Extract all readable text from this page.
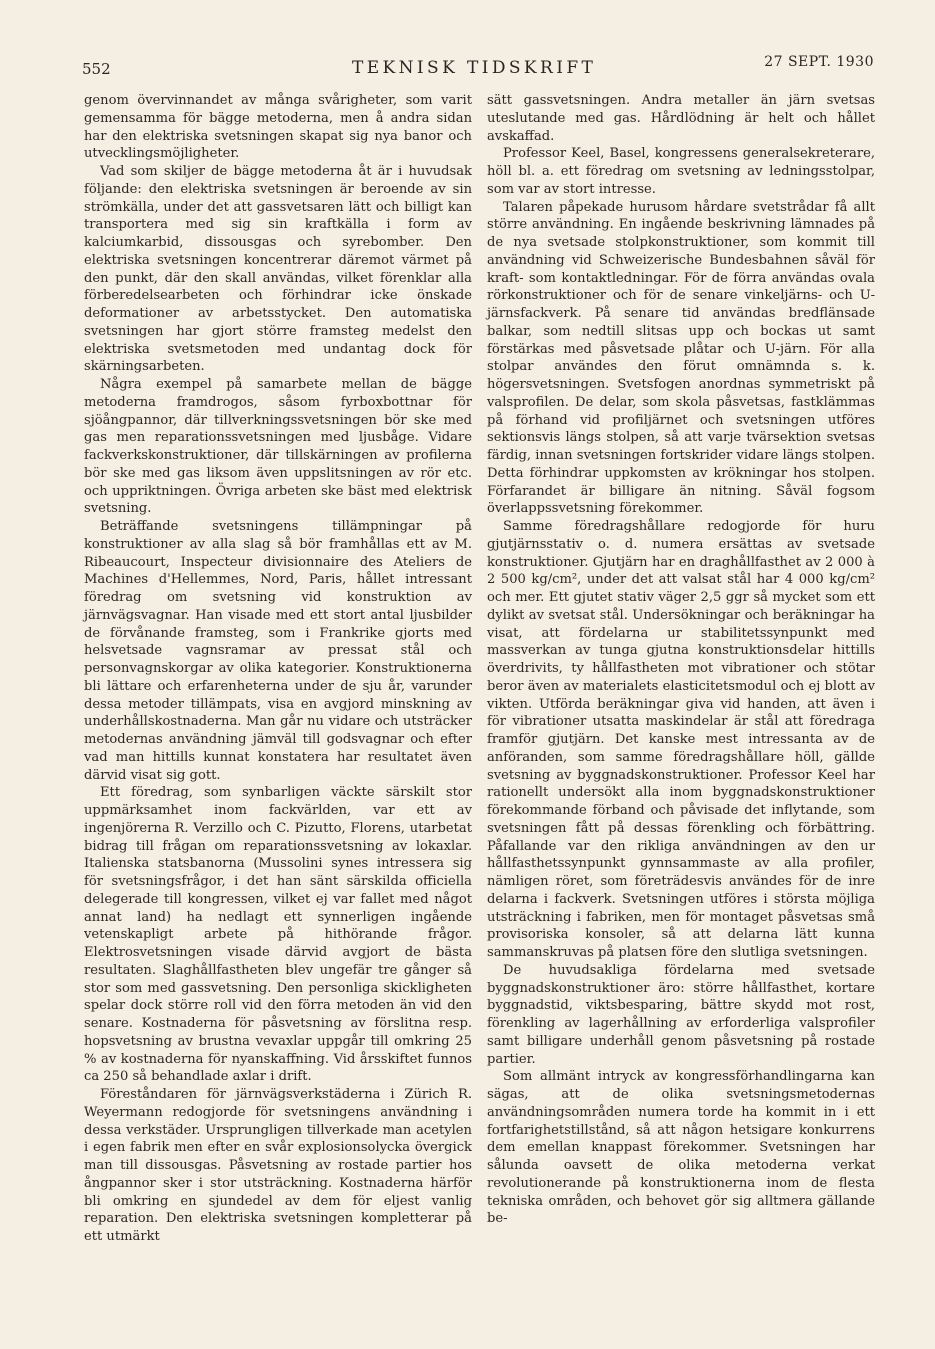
552	TEKNISK TIDSKRIFT	27 SEPT. 1930

genom övervinnandet av många svårigheter, som varit gemensamma för bägge metoderna, men å andra sidan har den elektriska svetsningen skapat sig nya banor och utvecklingsmöjligheter.

Vad som skiljer de bägge metoderna åt är i huvudsak följande: den elektriska svetsningen är beroende av sin strömkälla, under det att gassvetsaren lätt och billigt kan transportera med sig sin kraftkälla i form av kalciumkarbid, dissousgas och syrebomber. Den elektriska svetsningen koncentrerar däremot värmet på den punkt, där den skall användas, vilket förenklar alla förberedelsearbeten och förhindrar icke önskade deformationer av arbetsstycket. Den automatiska svetsningen har gjort större framsteg medelst den elektriska svetsmetoden med undantag dock för skärningsarbeten.

Några exempel på samarbete mellan de bägge metoderna framdrogos, såsom fyrboxbottnar för sjöångpannor, där tillverkningssvetsningen bör ske med gas men reparationssvetsningen med ljusbåge. Vidare fackverkskonstruktioner, där tillskärningen av profilerna bör ske med gas liksom även uppslitsningen av rör etc. och uppriktningen. Övriga arbeten ske bäst med elektrisk svetsning.

Beträffande svetsningens tillämpningar på konstruktioner av alla slag så bör framhållas ett av M. Ribeaucourt, Inspecteur divisionnaire des Ateliers de Machines d'Hellemmes, Nord, Paris, hållet intressant föredrag om svetsning vid konstruktion av järnvägsvagnar. Han visade med ett stort antal ljusbilder de förvånande framsteg, som i Frankrike gjorts med helsvetsade vagnsramar av pressat stål och personvagnskorgar av olika kategorier. Konstruktionerna bli lättare och erfarenheterna under de sju år, varunder dessa metoder tillämpats, visa en avgjord minskning av underhållskostnaderna. Man går nu vidare och utsträcker metodernas användning jämväl till godsvagnar och efter vad man hittills kunnat konstatera har resultatet även därvid visat sig gott.

Ett föredrag, som synbarligen väckte särskilt stor uppmärksamhet inom fackvärlden, var ett av ingenjörerna R. Verzillo och C. Pizutto, Florens, utarbetat bidrag till frågan om reparationssvetsning av lokaxlar. Italienska statsbanorna (Mussolini synes intressera sig för svetsningsfrågor, i det han sänt särskilda officiella delegerade till kongressen, vilket ej var fallet med något annat land) ha nedlagt ett synnerligen ingående vetenskapligt arbete på hithörande frågor. Elektrosvetsningen visade därvid avgjort de bästa resultaten. Slaghållfastheten blev ungefär tre gånger så stor som med gassvetsning. Den personliga skickligheten spelar dock större roll vid den förra metoden än vid den senare. Kostnaderna för påsvetsning av förslitna resp. hopsvetsning av brustna vevaxlar uppgår till omkring 25 % av kostnaderna för nyanskaffning. Vid årsskiftet funnos ca 250 så behandlade axlar i drift.

Föreståndaren för järnvägsverkstäderna i Zürich R. Weyermann redogjorde för svetsningens användning i dessa verkstäder. Ursprungligen tillverkade man acetylen i egen fabrik men efter en svår explosionsolycka övergick man till dissousgas. Påsvetsning av rostade partier hos ångpannor sker i stor utsträckning. Kostnaderna härför bli omkring en sjundedel av dem för eljest vanlig reparation. Den elektriska svetsningen kompletterar på ett utmärkt

sätt gassvetsningen. Andra metaller än järn svetsas uteslutande med gas. Hårdlödning är helt och hållet avskaffad.

Professor Keel, Basel, kongressens generalsekreterare, höll bl. a. ett föredrag om svetsning av ledningsstolpar, som var av stort intresse.

Talaren påpekade hurusom hårdare svetstrådar få allt större användning. En ingående beskrivning lämnades på de nya svetsade stolpkonstruktioner, som kommit till användning vid Schweizerische Bundesbahnen såväl för kraft- som kontaktledningar. För de förra användas ovala rörkonstruktioner och för de senare vinkeljärns- och U-järnsfackverk. På senare tid användas bredflänsade balkar, som nedtill slitsas upp och bockas ut samt förstärkas med påsvetsade plåtar och U-järn. För alla stolpar användes den förut omnämnda s. k. högersvetsningen. Svetsfogen anordnas symmetriskt på valsprofilen. De delar, som skola påsvetsas, fastklämmas på förhand vid profiljärnet och svetsningen utföres sektionsvis längs stolpen, så att varje tvärsektion svetsas färdig, innan svetsningen fortskrider vidare längs stolpen. Detta förhindrar uppkomsten av krökningar hos stolpen. Förfarandet är billigare än nitning. Såväl fogsom överlappssvetsning förekommer.

Samme föredragshållare redogjorde för huru gjutjärnsstativ o. d. numera ersättas av svetsade konstruktioner. Gjutjärn har en draghållfasthet av 2 000 à 2 500 kg/cm², under det att valsat stål har 4 000 kg/cm² och mer. Ett gjutet stativ väger 2,5 ggr så mycket som ett dylikt av svetsat stål. Undersökningar och beräkningar ha visat, att fördelarna ur stabilitetssynpunkt med massverkan av tunga gjutna konstruktionsdelar hittills överdrivits, ty hållfastheten mot vibrationer och stötar beror även av materialets elasticitetsmodul och ej blott av vikten. Utförda beräkningar giva vid handen, att även i för vibrationer utsatta maskindelar är stål att föredraga framför gjutjärn. Det kanske mest intressanta av de anföranden, som samme föredragshållare höll, gällde svetsning av byggnadskonstruktioner. Professor Keel har rationellt undersökt alla inom byggnadskonstruktioner förekommande förband och påvisade det inflytande, som svetsningen fått på dessas förenkling och förbättring. Påfallande var den rikliga användningen av den ur hållfasthetssynpunkt gynnsammaste av alla profiler, nämligen röret, som företrädesvis användes för de inre delarna i fackverk. Svetsningen utföres i största möjliga utsträckning i fabriken, men för montaget påsvetsas små provisoriska konsoler, så att delarna lätt kunna sammanskruvas på platsen före den slutliga svetsningen.

De huvudsakliga fördelarna med svetsade byggnadskonstruktioner äro: större hållfasthet, kortare byggnadstid, viktsbesparing, bättre skydd mot rost, förenkling av lagerhållning av erforderliga valsprofiler samt billigare underhåll genom påsvetsning på rostade partier.

Som allmänt intryck av kongressförhandlingarna kan sägas, att de olika svetsningsmetodernas användningsområden numera torde ha kommit in i ett fortfarighetstillstånd, så att någon hetsigare konkurrens dem emellan knappast förekommer. Svetsningen har sålunda oavsett de olika metoderna verkat revolutionerande på konstruktionerna inom de flesta tekniska områden, och behovet gör sig alltmera gällande be-
